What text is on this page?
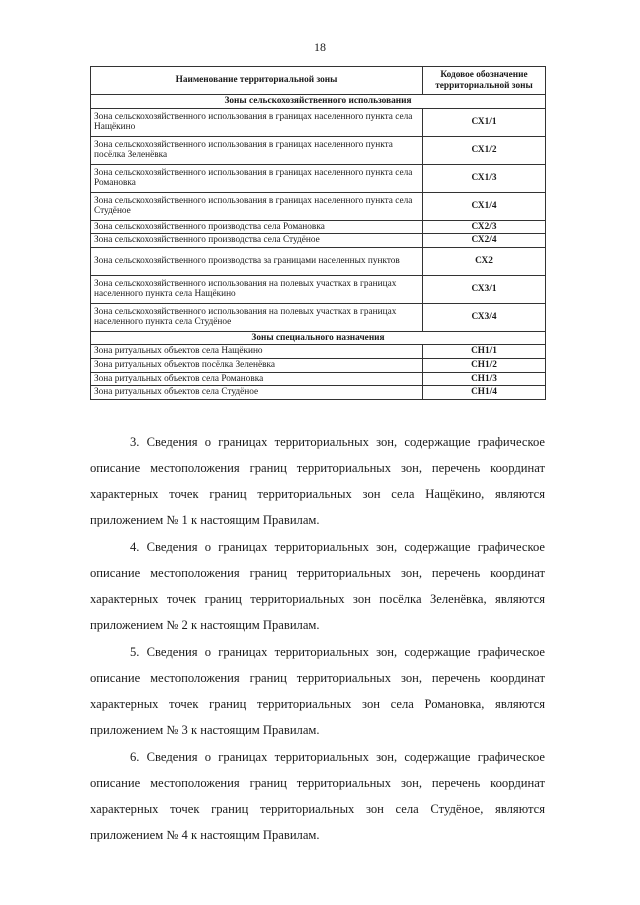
18
Наименование территориальной зоны	Кодовое обозначение территориальной зоны
Зоны сельскохозяйственного использования	
Зона сельскохозяйственного использования в границах населенного пункта села Нащёкино	СХ1/1
Зона сельскохозяйственного использования в границах населенного пункта посёлка Зеленёвка	СХ1/2
Зона сельскохозяйственного использования в границах населенного пункта села Романовка	СХ1/3
Зона сельскохозяйственного использования в границах населенного пункта села Студёное	СХ1/4
Зона сельскохозяйственного производства села Романовка	СХ2/3
Зона сельскохозяйственного производства села Студёное	СХ2/4
Зона сельскохозяйственного производства за границами населенных пунктов	СХ2
Зона сельскохозяйственного использования на полевых участках в границах населенного пункта села Нащёкино	СХ3/1
Зона сельскохозяйственного использования на полевых участках в границах населенного пункта села Студёное	СХ3/4
Зоны специального назначения	
Зона ритуальных объектов села Нащёкино	СН1/1
Зона ритуальных объектов посёлка Зеленёвка	СН1/2
Зона ритуальных объектов села Романовка	СН1/3
Зона ритуальных объектов села Студёное	СН1/4

3. Сведения о границах территориальных зон, содержащие графическое описание местоположения границ территориальных зон, перечень координат характерных точек границ территориальных зон села Нащёкино, являются приложением № 1 к настоящим Правилам.

4. Сведения о границах территориальных зон, содержащие графическое описание местоположения границ территориальных зон, перечень координат характерных точек границ территориальных зон посёлка Зеленёвка, являются приложением № 2 к настоящим Правилам.

5. Сведения о границах территориальных зон, содержащие графическое описание местоположения границ территориальных зон, перечень координат характерных точек границ территориальных зон села Романовка, являются приложением № 3 к настоящим Правилам.

6. Сведения о границах территориальных зон, содержащие графическое описание местоположения границ территориальных зон, перечень координат характерных точек границ территориальных зон села Студёное, являются приложением № 4 к настоящим Правилам.
